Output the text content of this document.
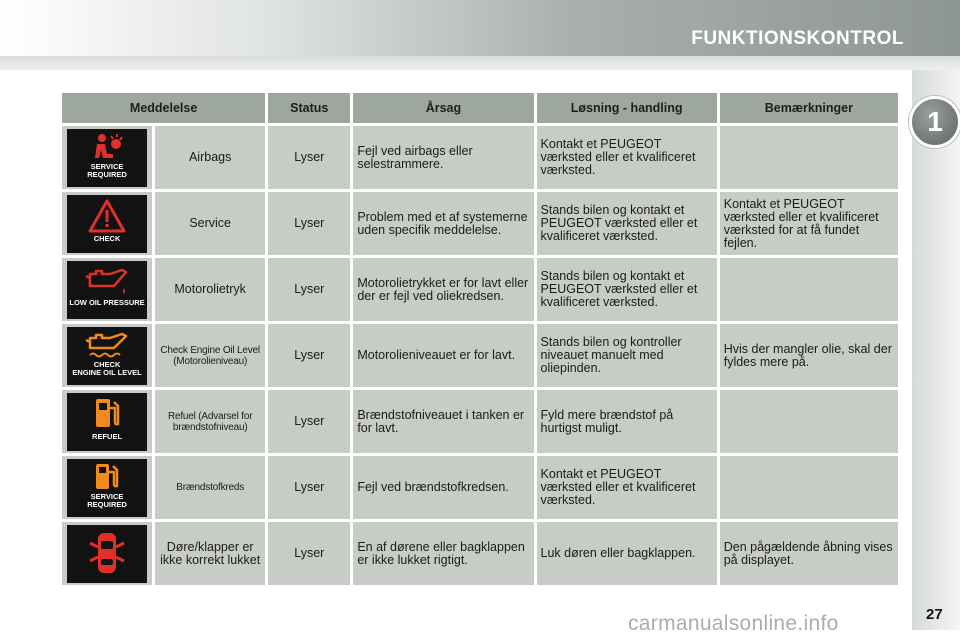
FUNKTIONSKONTROL
1
Meddelelse		Status	Årsag	Løsning - handling	Bemærkninger

SERVICE
REQUIRED	Airbags	Lyser	Fejl ved airbags eller selestrammere.	Kontakt et PEUGEOT værksted eller et kvalificeret værksted.	

CHECK	Service	Lyser	Problem med et af systemerne uden specifik meddelelse.	Stands bilen og kontakt et PEUGEOT værksted eller et kvalificeret værksted.	Kontakt et PEUGEOT værksted eller et kvalificeret værksted for at få fundet fejlen.

LOW OIL PRESSURE	Motorolietryk	Lyser	Motorolietrykket er for lavt eller der er fejl ved oliekredsen.	Stands bilen og kontakt et PEUGEOT værksted eller et kvalificeret værksted.	

CHECK
ENGINE OIL LEVEL	Check Engine Oil Level (Motorolieniveau)	Lyser	Motorolieniveauet er for lavt.	Stands bilen og kontroller niveauet manuelt med oliepinden.	Hvis der mangler olie, skal der fyldes mere på.

REFUEL	Refuel (Advarsel for brændstofniveau)	Lyser	Brændstofniveauet i tanken er for lavt.	Fyld mere brændstof på hurtigst muligt.	

SERVICE
REQUIRED	Brændstofkreds	Lyser	Fejl ved brændstofkredsen.	Kontakt et PEUGEOT værksted eller et kvalificeret værksted.	

	Døre/klapper er ikke korrekt lukket	Lyser	En af dørene eller bagklappen er ikke lukket rigtigt.	Luk døren eller bagklappen.	Den pågældende åbning vises på displayet.
carmanualsonline.info	27
